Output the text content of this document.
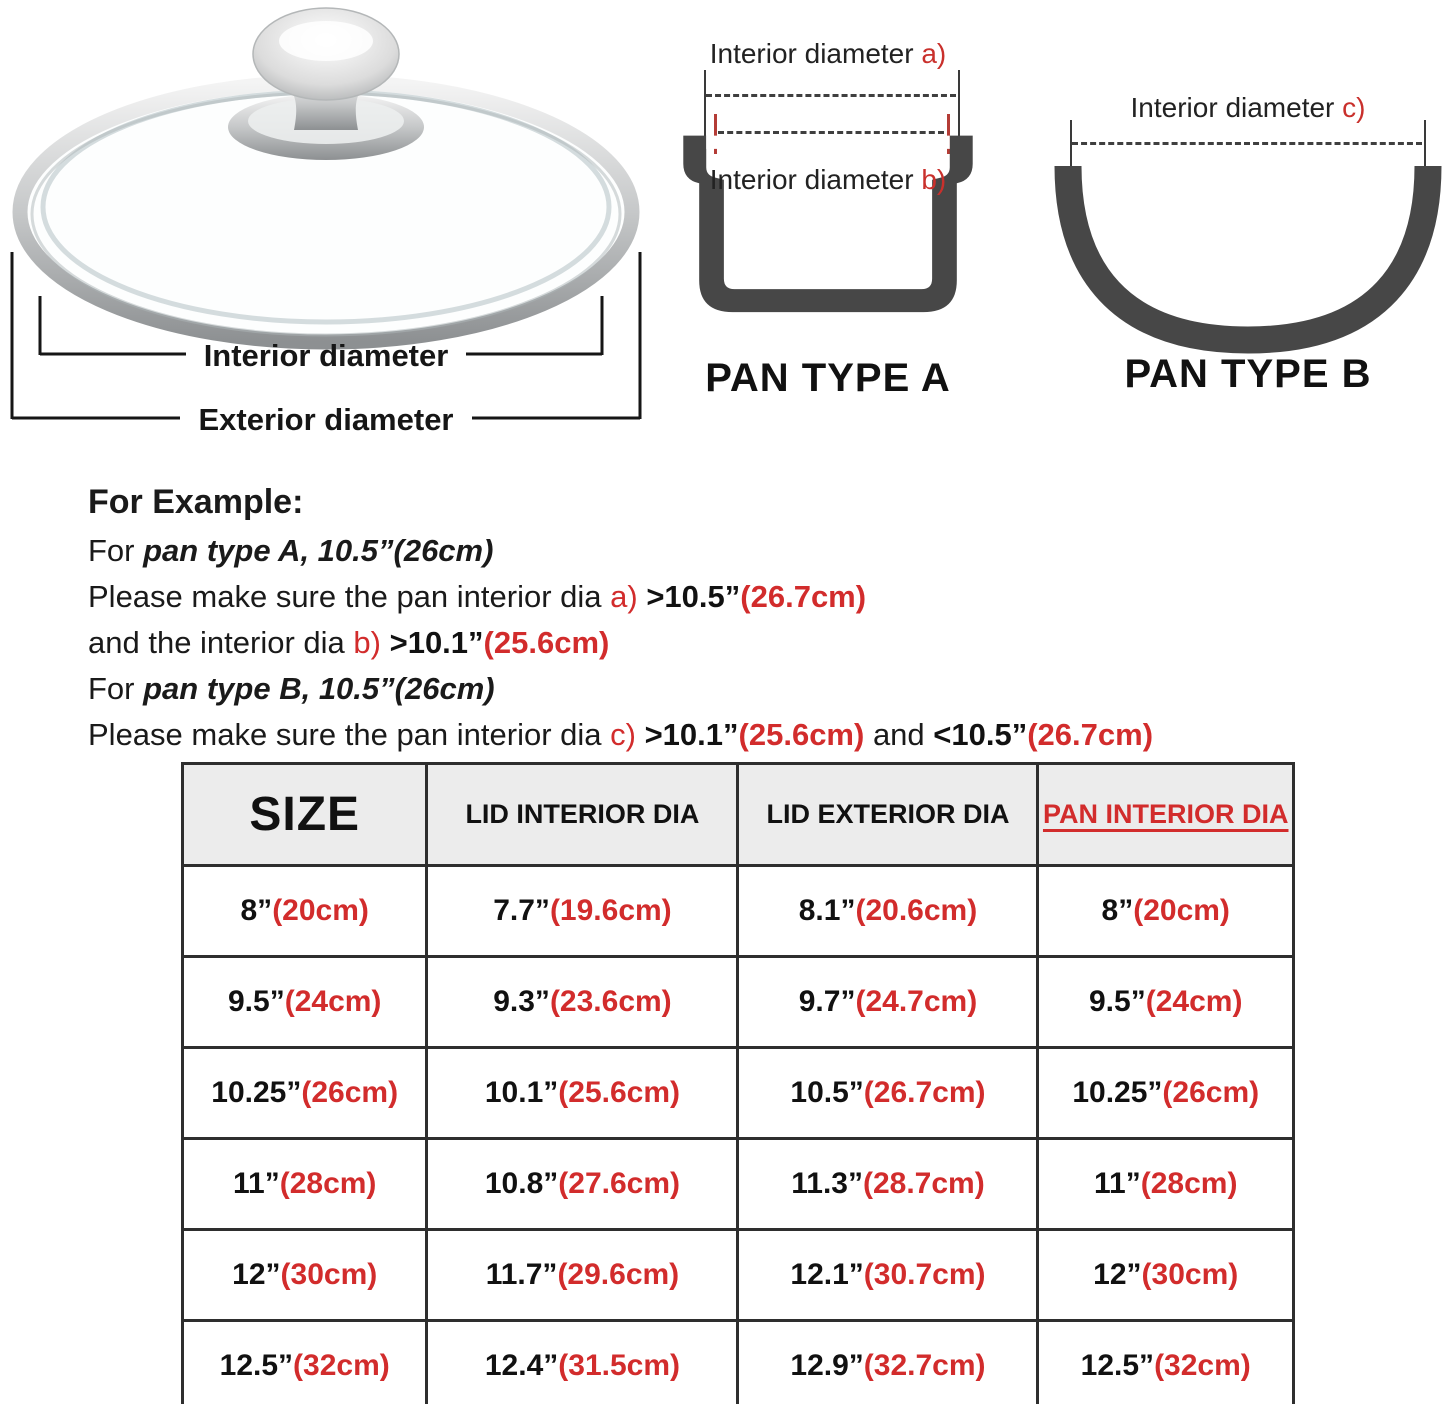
Interior diameter
Exterior diameter
Interior diameter a)
Interior diameter b)
PAN TYPE A
Interior diameter c)
PAN TYPE B

For Example:

For pan type A, 10.5”(26cm)

Please make sure the pan interior dia a) >10.5”(26.7cm)

and the interior dia b) >10.1”(25.6cm)

For pan type B, 10.5”(26cm)

Please make sure the pan interior dia c) >10.1”(25.6cm) and <10.5”(26.7cm)

SIZE	LID INTERIOR DIA	LID EXTERIOR DIA	PAN INTERIOR DIA
8”(20cm)	7.7”(19.6cm)	8.1”(20.6cm)	8”(20cm)
9.5”(24cm)	9.3”(23.6cm)	9.7”(24.7cm)	9.5”(24cm)
10.25”(26cm)	10.1”(25.6cm)	10.5”(26.7cm)	10.25”(26cm)
11”(28cm)	10.8”(27.6cm)	11.3”(28.7cm)	11”(28cm)
12”(30cm)	11.7”(29.6cm)	12.1”(30.7cm)	12”(30cm)
12.5”(32cm)	12.4”(31.5cm)	12.9”(32.7cm)	12.5”(32cm)
